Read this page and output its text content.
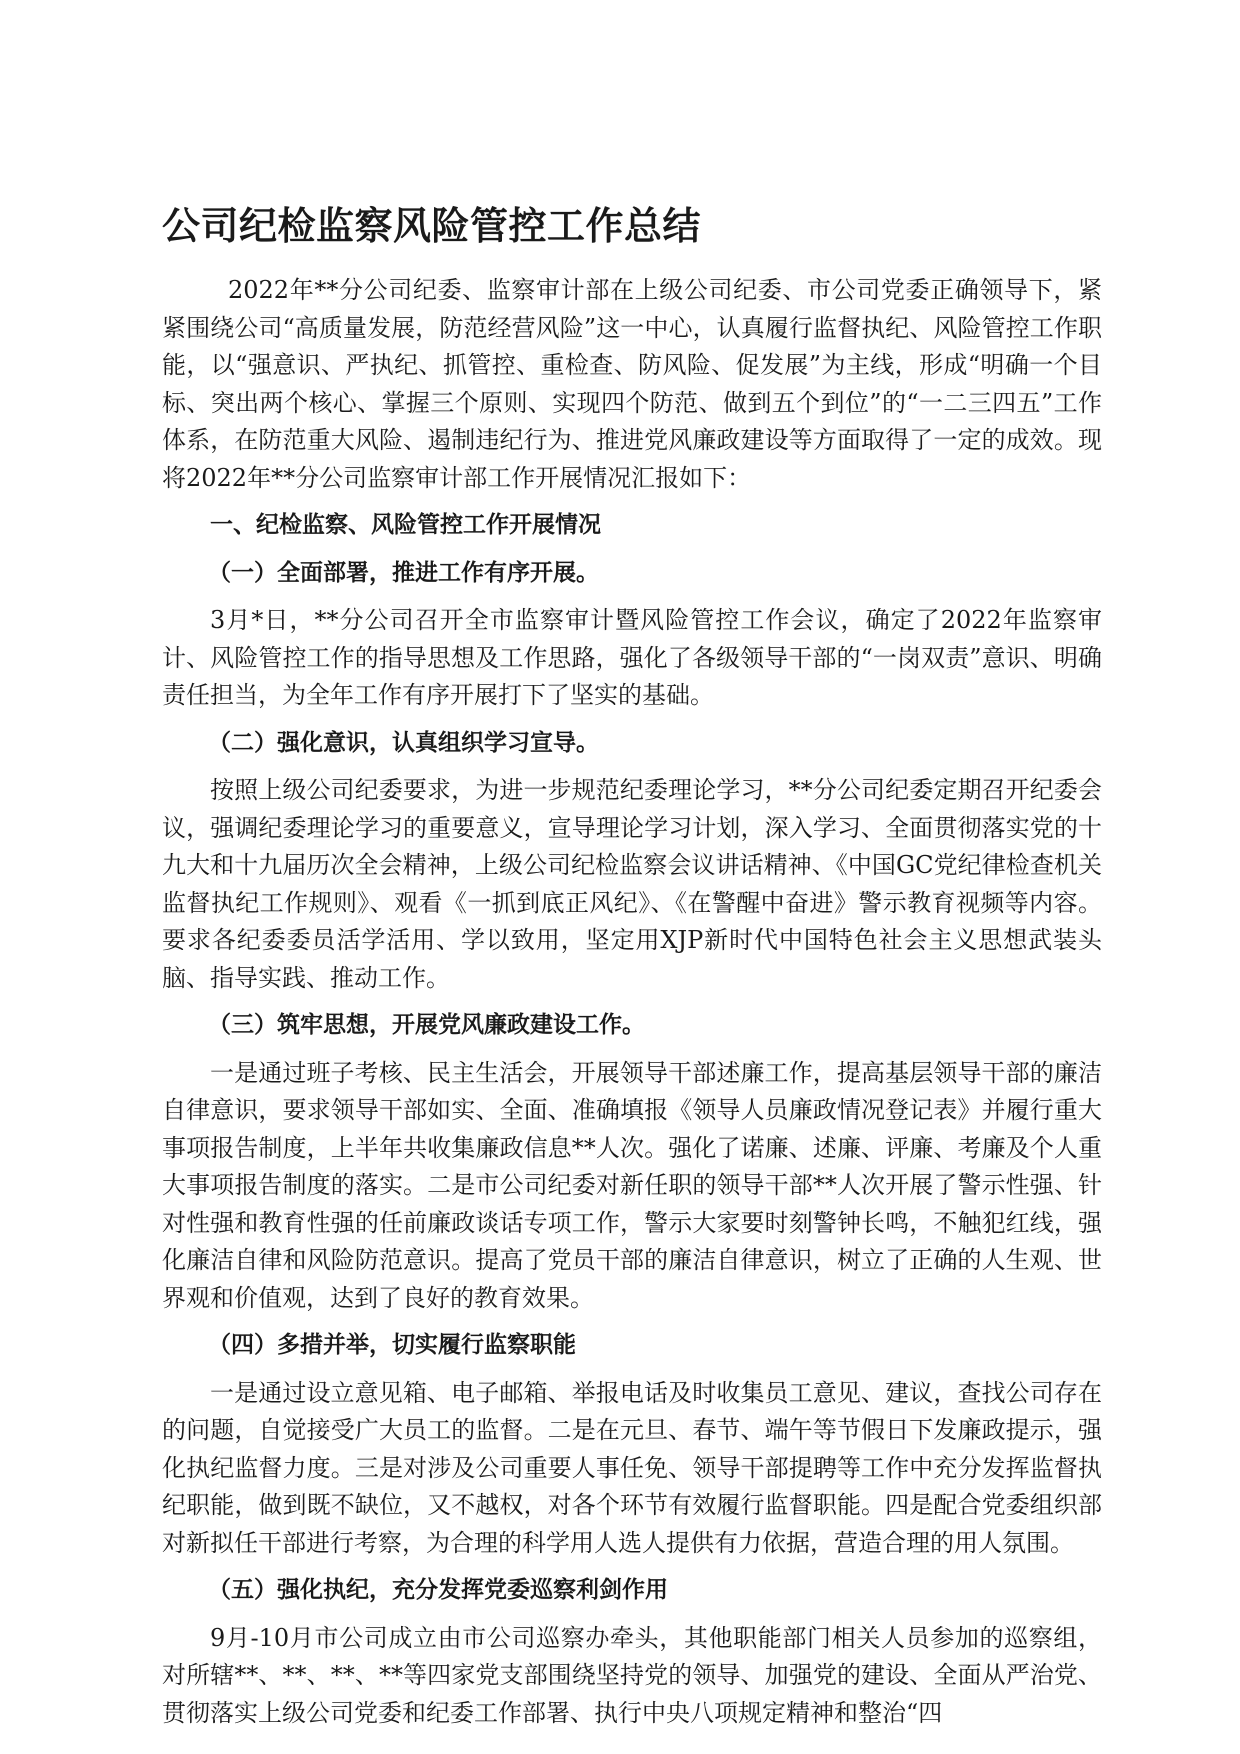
公司纪检监察风险管控工作总结

2022年**分公司纪委、监察审计部在上级公司纪委、市公司党委正确领导下，紧紧围绕公司“高质量发展，防范经营风险”这一中心，认真履行监督执纪、风险管控工作职能，以“强意识、严执纪、抓管控、重检查、防风险、促发展”为主线，形成“明确一个目标、突出两个核心、掌握三个原则、实现四个防范、做到五个到位”的“一二三四五”工作体系，在防范重大风险、遏制违纪行为、推进党风廉政建设等方面取得了一定的成效。现将2022年**分公司监察审计部工作开展情况汇报如下：

一、纪检监察、风险管控工作开展情况
（一）全面部署，推进工作有序开展。

3月*日，**分公司召开全市监察审计暨风险管控工作会议，确定了2022年监察审计、风险管控工作的指导思想及工作思路，强化了各级领导干部的“一岗双责”意识、明确责任担当，为全年工作有序开展打下了坚实的基础。

（二）强化意识，认真组织学习宣导。

按照上级公司纪委要求，为进一步规范纪委理论学习，**分公司纪委定期召开纪委会议，强调纪委理论学习的重要意义，宣导理论学习计划，深入学习、全面贯彻落实党的十九大和十九届历次全会精神，上级公司纪检监察会议讲话精神、《中国GC党纪律检查机关监督执纪工作规则》、观看《一抓到底正风纪》、《在警醒中奋进》警示教育视频等内容。要求各纪委委员活学活用、学以致用，坚定用XJP新时代中国特色社会主义思想武装头脑、指导实践、推动工作。

（三）筑牢思想，开展党风廉政建设工作。

一是通过班子考核、民主生活会，开展领导干部述廉工作，提高基层领导干部的廉洁自律意识，要求领导干部如实、全面、准确填报《领导人员廉政情况登记表》并履行重大事项报告制度，上半年共收集廉政信息**人次。强化了诺廉、述廉、评廉、考廉及个人重大事项报告制度的落实。二是市公司纪委对新任职的领导干部**人次开展了警示性强、针对性强和教育性强的任前廉政谈话专项工作，警示大家要时刻警钟长鸣，不触犯红线，强化廉洁自律和风险防范意识。提高了党员干部的廉洁自律意识，树立了正确的人生观、世界观和价值观，达到了良好的教育效果。

（四）多措并举，切实履行监察职能

一是通过设立意见箱、电子邮箱、举报电话及时收集员工意见、建议，查找公司存在的问题，自觉接受广大员工的监督。二是在元旦、春节、端午等节假日下发廉政提示，强化执纪监督力度。三是对涉及公司重要人事任免、领导干部提聘等工作中充分发挥监督执纪职能，做到既不缺位，又不越权，对各个环节有效履行监督职能。四是配合党委组织部对新拟任干部进行考察，为合理的科学用人选人提供有力依据，营造合理的用人氛围。

（五）强化执纪，充分发挥党委巡察利剑作用

9月-10月市公司成立由市公司巡察办牵头，其他职能部门相关人员参加的巡察组，对所辖**、**、**、**等四家党支部围绕坚持党的领导、加强党的建设、全面从严治党、贯彻落实上级公司党委和纪委工作部署、执行中央八项规定精神和整治“四
